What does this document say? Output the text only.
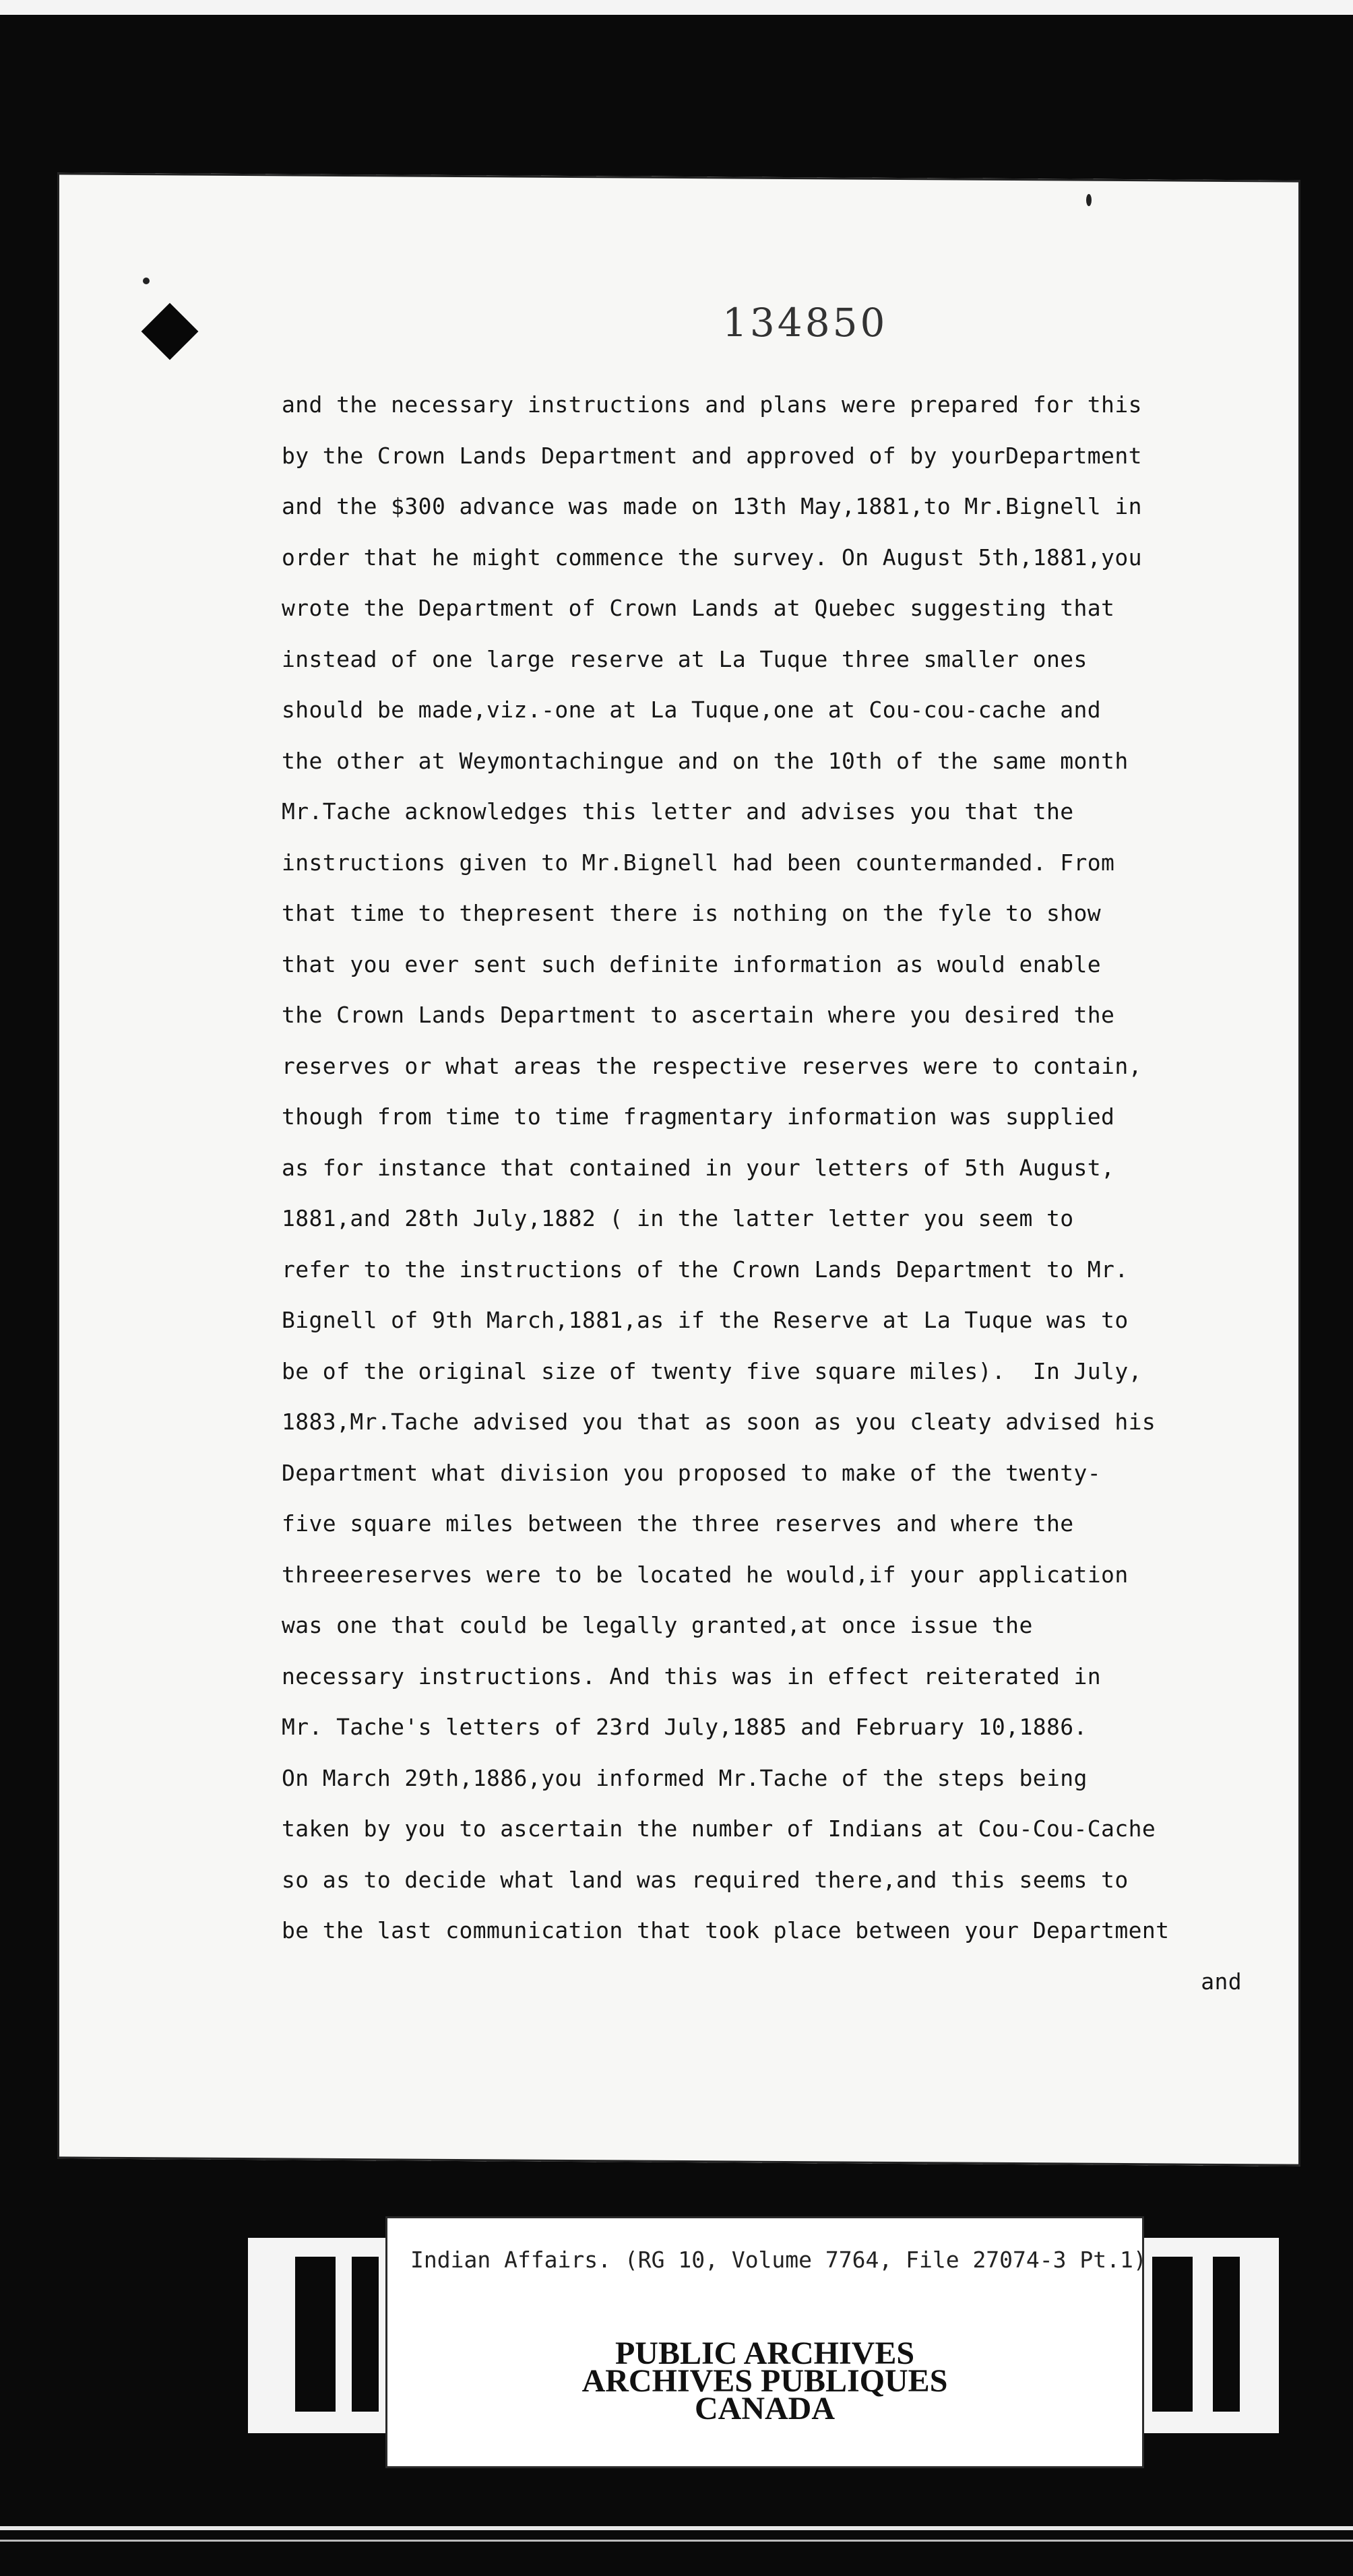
134850
and the necessary instructions and plans were prepared for this
by the Crown Lands Department and approved of by yourDepartment
and the $300 advance was made on 13th May,1881,to Mr.Bignell in
order that he might commence the survey. On August 5th,1881,you
wrote the Department of Crown Lands at Quebec suggesting that
instead of one large reserve at La Tuque three smaller ones
should be made,viz.-one at La Tuque,one at Cou-cou-cache and
the other at Weymontachingue and on the 10th of the same month
Mr.Tache acknowledges this letter and advises you that the
instructions given to Mr.Bignell had been countermanded. From
that time to thepresent there is nothing on the fyle to show
that you ever sent such definite information as would enable
the Crown Lands Department to ascertain where you desired the
reserves or what areas the respective reserves were to contain,
though from time to time fragmentary information was supplied
as for instance that contained in your letters of 5th August,
1881,and 28th July,1882 ( in the latter letter you seem to
refer to the instructions of the Crown Lands Department to Mr.
Bignell of 9th March,1881,as if the Reserve at La Tuque was to
be of the original size of twenty five square miles).  In July,
1883,Mr.Tache advised you that as soon as you cleaty advised his
Department what division you proposed to make of the twenty-
five square miles between the three reserves and where the
threeereserves were to be located he would,if your application
was one that could be legally granted,at once issue the
necessary instructions. And this was in effect reiterated in
Mr. Tache's letters of 23rd July,1885 and February 10,1886.
On March 29th,1886,you informed Mr.Tache of the steps being
taken by you to ascertain the number of Indians at Cou-Cou-Cache
so as to decide what land was required there,and this seems to
be the last communication that took place between your Department
and
Indian Affairs. (RG 10, Volume 7764, File 27074-3 Pt.1)
PUBLIC ARCHIVES
ARCHIVES PUBLIQUES
CANADA
